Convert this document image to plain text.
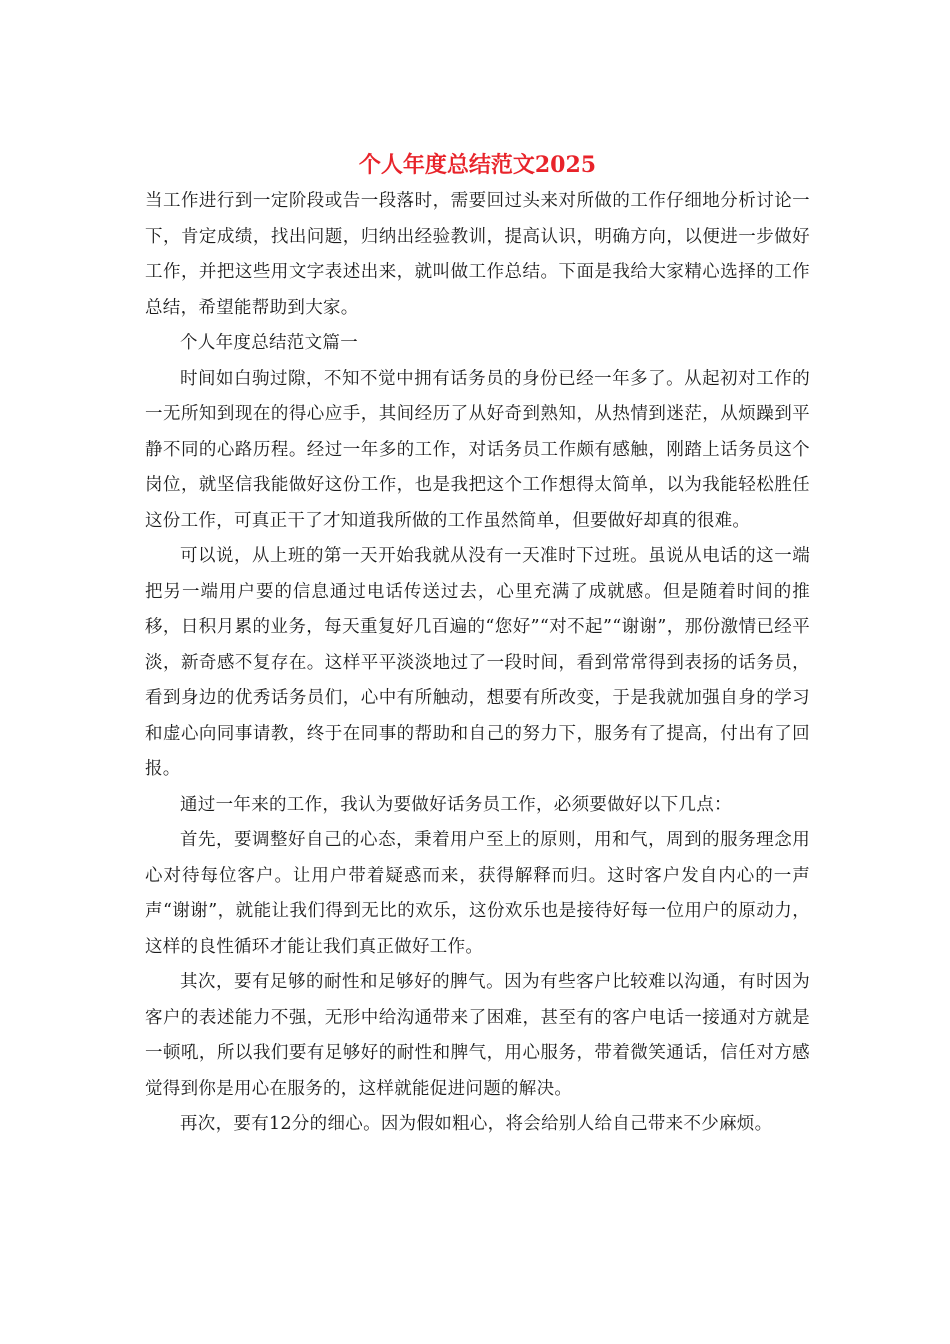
个人年度总结范文2025

当工作进行到一定阶段或告一段落时，需要回过头来对所做的工作仔细地分析讨论一下，肯定成绩，找出问题，归纳出经验教训，提高认识，明确方向，以便进一步做好工作，并把这些用文字表述出来，就叫做工作总结。下面是我给大家精心选择的工作总结，希望能帮助到大家。

个人年度总结范文篇一

时间如白驹过隙，不知不觉中拥有话务员的身份已经一年多了。从起初对工作的一无所知到现在的得心应手，其间经历了从好奇到熟知，从热情到迷茫，从烦躁到平静不同的心路历程。经过一年多的工作，对话务员工作颇有感触，刚踏上话务员这个岗位，就坚信我能做好这份工作，也是我把这个工作想得太简单，以为我能轻松胜任这份工作，可真正干了才知道我所做的工作虽然简单，但要做好却真的很难。

可以说，从上班的第一天开始我就从没有一天准时下过班。虽说从电话的这一端把另一端用户要的信息通过电话传送过去，心里充满了成就感。但是随着时间的推移，日积月累的业务，每天重复好几百遍的“您好”“对不起”“谢谢”，那份激情已经平淡，新奇感不复存在。这样平平淡淡地过了一段时间，看到常常得到表扬的话务员，看到身边的优秀话务员们，心中有所触动，想要有所改变，于是我就加强自身的学习和虚心向同事请教，终于在同事的帮助和自己的努力下，服务有了提高，付出有了回报。

通过一年来的工作，我认为要做好话务员工作，必须要做好以下几点：

首先，要调整好自己的心态，秉着用户至上的原则，用和气，周到的服务理念用心对待每位客户。让用户带着疑惑而来，获得解释而归。这时客户发自内心的一声声“谢谢”，就能让我们得到无比的欢乐，这份欢乐也是接待好每一位用户的原动力，这样的良性循环才能让我们真正做好工作。

其次，要有足够的耐性和足够好的脾气。因为有些客户比较难以沟通，有时因为客户的表述能力不强，无形中给沟通带来了困难，甚至有的客户电话一接通对方就是一顿吼，所以我们要有足够好的耐性和脾气，用心服务，带着微笑通话，信任对方感觉得到你是用心在服务的，这样就能促进问题的解决。

再次，要有12分的细心。因为假如粗心，将会给别人给自己带来不少麻烦。
